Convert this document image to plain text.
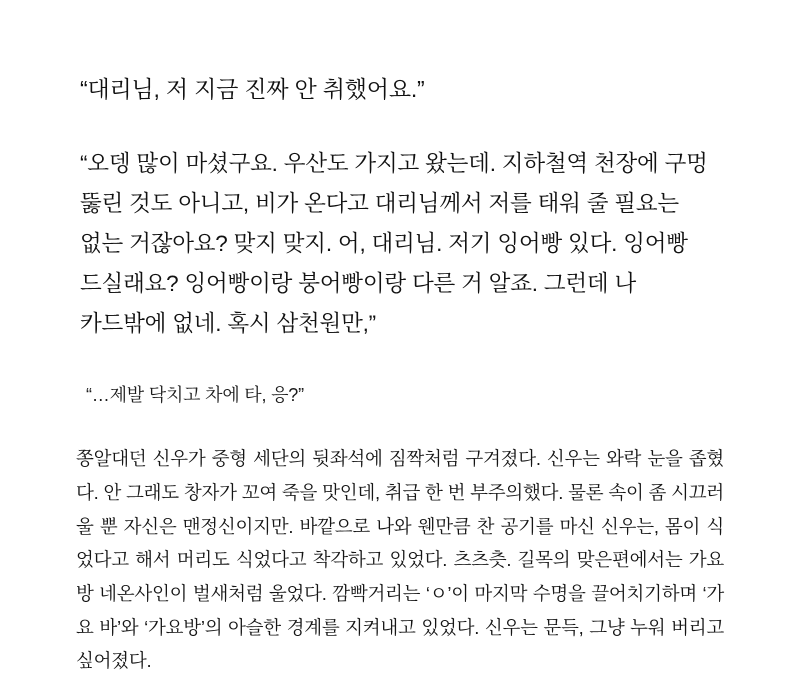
“대리님, 저 지금 진짜 안 취했어요.”

“오뎅 많이 마셨구요. 우산도 가지고 왔는데. 지하철역 천장에 구멍 뚫린 것도 아니고, 비가 온다고 대리님께서 저를 태워 줄 필요는 없는 거잖아요? 맞지 맞지. 어, 대리님. 저기 잉어빵 있다. 잉어빵 드실래요? 잉어빵이랑 붕어빵이랑 다른 거 알죠. 그런데 나 카드밖에 없네. 혹시 삼천원만,”

“…제발 닥치고 차에 타, 응?”

쫑알대던 신우가 중형 세단의 뒷좌석에 짐짝처럼 구겨졌다. 신우는 와락 눈을 좁혔다. 안 그래도 창자가 꼬여 죽을 맛인데, 취급 한 번 부주의했다. 물론 속이 좀 시끄러울 뿐 자신은 맨정신이지만. 바깥으로 나와 웬만큼 찬 공기를 마신 신우는, 몸이 식었다고 해서 머리도 식었다고 착각하고 있었다. 츠츠츳. 길목의 맞은편에서는 가요방 네온사인이 벌새처럼 울었다. 깜빡거리는 ‘ㅇ’이 마지막 수명을 끌어치기하며 ‘가요 바’와 ‘가요방’의 아슬한 경계를 지켜내고 있었다. 신우는 문득, 그냥 누워 버리고 싶어졌다.
